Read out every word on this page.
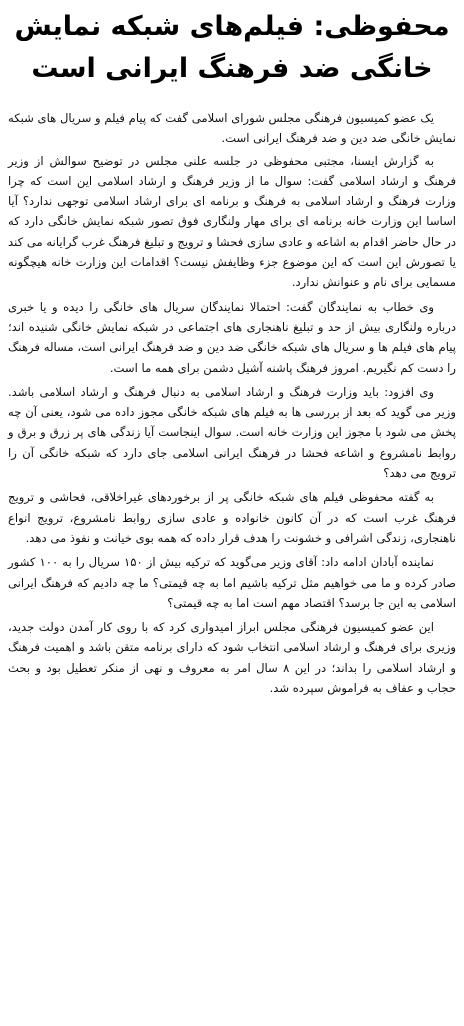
محفوظی: فیلم‌های شبکه نمایش
خانگی ضد فرهنگ ایرانی است

یک عضو کمیسیون فرهنگی مجلس شورای اسلامی گفت که پیام فیلم و سریال های شبکه نمایش خانگی ضد دین و ضد فرهنگ ایرانی است.

به گزارش ایسنا، مجتبی محفوظی در جلسه علنی مجلس در توضیح سوالش از وزیر فرهنگ و ارشاد اسلامی گفت: سوال ما از وزیر فرهنگ و ارشاد اسلامی این است که چرا وزارت فرهنگ و ارشاد اسلامی به فرهنگ و برنامه ای برای ارشاد اسلامی توجهی ندارد؟ آیا اساسا این وزارت خانه برنامه ای برای مهار ولنگاری فوق تصور شبکه نمایش خانگی دارد که در حال حاضر اقدام به اشاعه و عادی سازی فحشا و ترویج و تبلیغ فرهنگ غرب گرایانه می کند یا تصورش این است که این موضوع جزء وظایفش نیست؟ اقدامات این وزارت خانه هیچگونه مسمایی برای نام و عنوانش ندارد.

وی خطاب به نمایندگان گفت: احتمالا نمایندگان سریال های خانگی را دیده و یا خبری درباره ولنگاری بیش از حد و تبلیغ ناهنجاری های اجتماعی در شبکه نمایش خانگی شنیده اند؛ پیام های فیلم ها و سریال های شبکه خانگی ضد دین و ضد فرهنگ ایرانی است، مساله فرهنگ را دست کم نگیریم. امروز فرهنگ پاشنه آشیل دشمن برای همه ما است.

وی افزود: باید وزارت فرهنگ و ارشاد اسلامی به دنبال فرهنگ و ارشاد اسلامی باشد. وزیر می گوید که بعد از بررسی ها به فیلم های شبکه خانگی مجوز داده می شود، یعنی آن چه پخش می شود با مجوز این وزارت خانه است. سوال اینجاست آیا زندگی های پر زرق و برق و روابط نامشروع و اشاعه فحشا در فرهنگ ایرانی اسلامی جای دارد که شبکه خانگی آن را ترویج می دهد؟

به گفته محفوظی فیلم های شبکه خانگی پر از برخوردهای غیراخلاقی، فحاشی و ترویج فرهنگ غرب است که در آن کانون خانواده و عادی سازی روابط نامشروع، ترویج انواع ناهنجاری، زندگی اشرافی و خشونت را هدف قرار داده که همه بوی خیانت و نفوذ می دهد.

نماینده آبادان ادامه داد: آقای وزیر می‌گوید که ترکیه بیش از ۱۵۰ سریال را به ۱۰۰ کشور صادر کرده و ما می خواهیم مثل ترکیه باشیم اما به چه قیمتی؟ ما چه دادیم که فرهنگ ایرانی اسلامی به این جا برسد؟ اقتصاد مهم است اما به چه قیمتی؟

این عضو کمیسیون فرهنگی مجلس ابراز امیدواری کرد که با روی کار آمدن دولت جدید، وزیری برای فرهنگ و ارشاد اسلامی انتخاب شود که دارای برنامه متقن باشد و اهمیت فرهنگ و ارشاد اسلامی را بداند؛ در این ۸ سال امر به معروف و نهی از منکر تعطیل بود و بحث حجاب و عفاف به فراموش سپرده شد.
